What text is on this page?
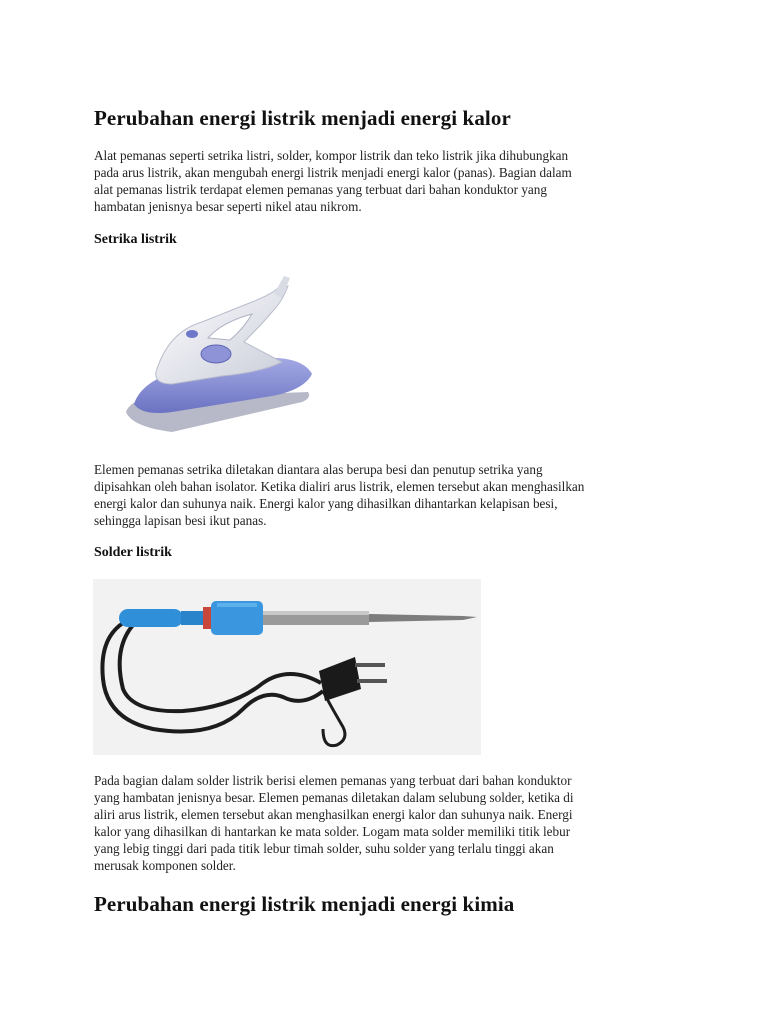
Perubahan energi listrik menjadi energi kalor
Alat pemanas seperti setrika listri, solder, kompor listrik dan teko listrik jika dihubungkan
pada arus listrik, akan mengubah energi listrik menjadi energi kalor (panas). Bagian dalam
alat pemanas listrik terdapat elemen pemanas yang terbuat dari bahan konduktor yang
hambatan jenisnya besar seperti nikel atau nikrom.
Setrika listrik
Elemen pemanas setrika diletakan diantara alas berupa besi dan penutup setrika yang
dipisahkan oleh bahan isolator. Ketika dialiri arus listrik, elemen tersebut akan menghasilkan
energi kalor dan suhunya naik. Energi kalor yang dihasilkan dihantarkan kelapisan besi,
sehingga lapisan besi ikut panas.
Solder listrik
Pada bagian dalam solder listrik berisi elemen pemanas yang terbuat dari bahan konduktor
yang hambatan jenisnya besar. Elemen pemanas diletakan dalam selubung solder, ketika di
aliri arus listrik, elemen tersebut akan menghasilkan energi kalor dan suhunya naik. Energi
kalor yang dihasilkan di hantarkan ke mata solder. Logam mata solder memiliki titik lebur
yang lebig tinggi dari pada titik lebur timah solder, suhu solder yang terlalu tinggi akan
merusak komponen solder.
Perubahan energi listrik menjadi energi kimia
